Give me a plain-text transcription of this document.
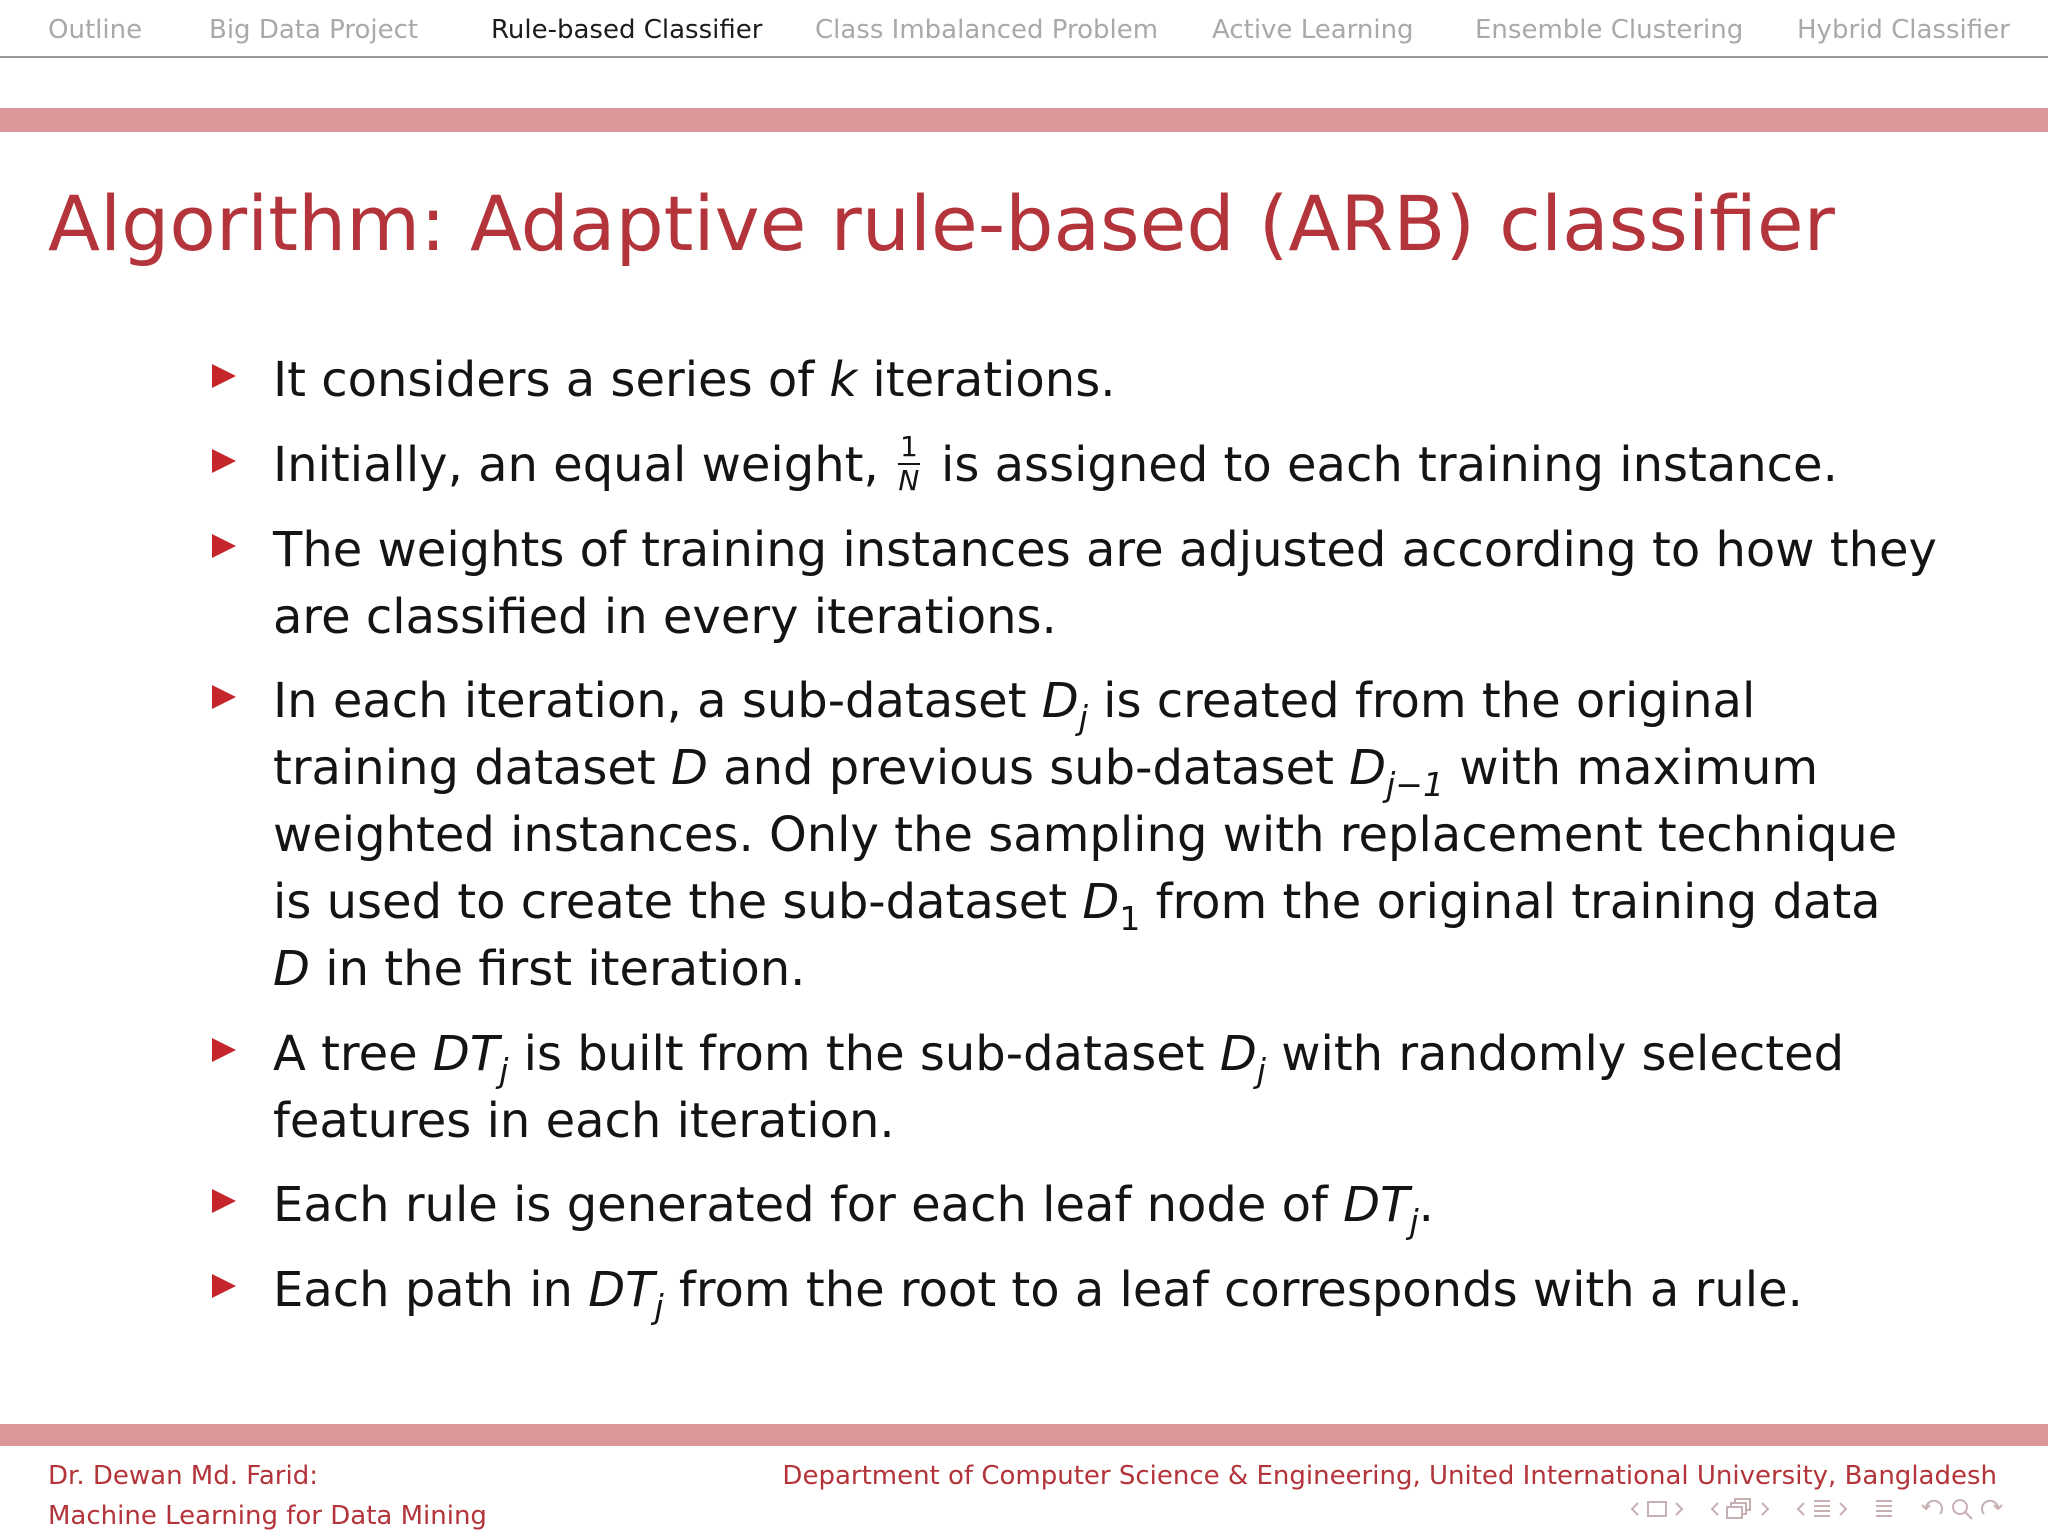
Outline	Big Data Project	Rule-based Classifier Class Imbalanced Problem Active Learning Ensemble Clustering Hybrid Classifier
Algorithm: Adaptive rule-based (ARB) classifier
It considers a series of k iterations.
Initially, an equal weight, $\frac{1}{N}$ is assigned to each training instance.
The weights of training instances are adjusted according to how they
are classified in every iterations.
In each iteration, a sub-dataset $D_j$ is created from the original
training dataset D and previous sub-dataset $D_{j-1}$ with maximum
weighted instances. Only the sampling with replacement technique
is used to create the sub-dataset $D_1$ from the original training data
D in the first iteration.
A tree $DT_j$ is built from the sub-dataset $D_j$ with randomly selected
features in each iteration.
Each rule is generated for each leaf node of $DT_j$.
Each path in $DT_j$ from the root to a leaf corresponds with a rule.
Dr. Dewan Md. Farid:
Machine Learning for Data Mining
Department of Computer Science & Engineering, United International University, Bangladesh
